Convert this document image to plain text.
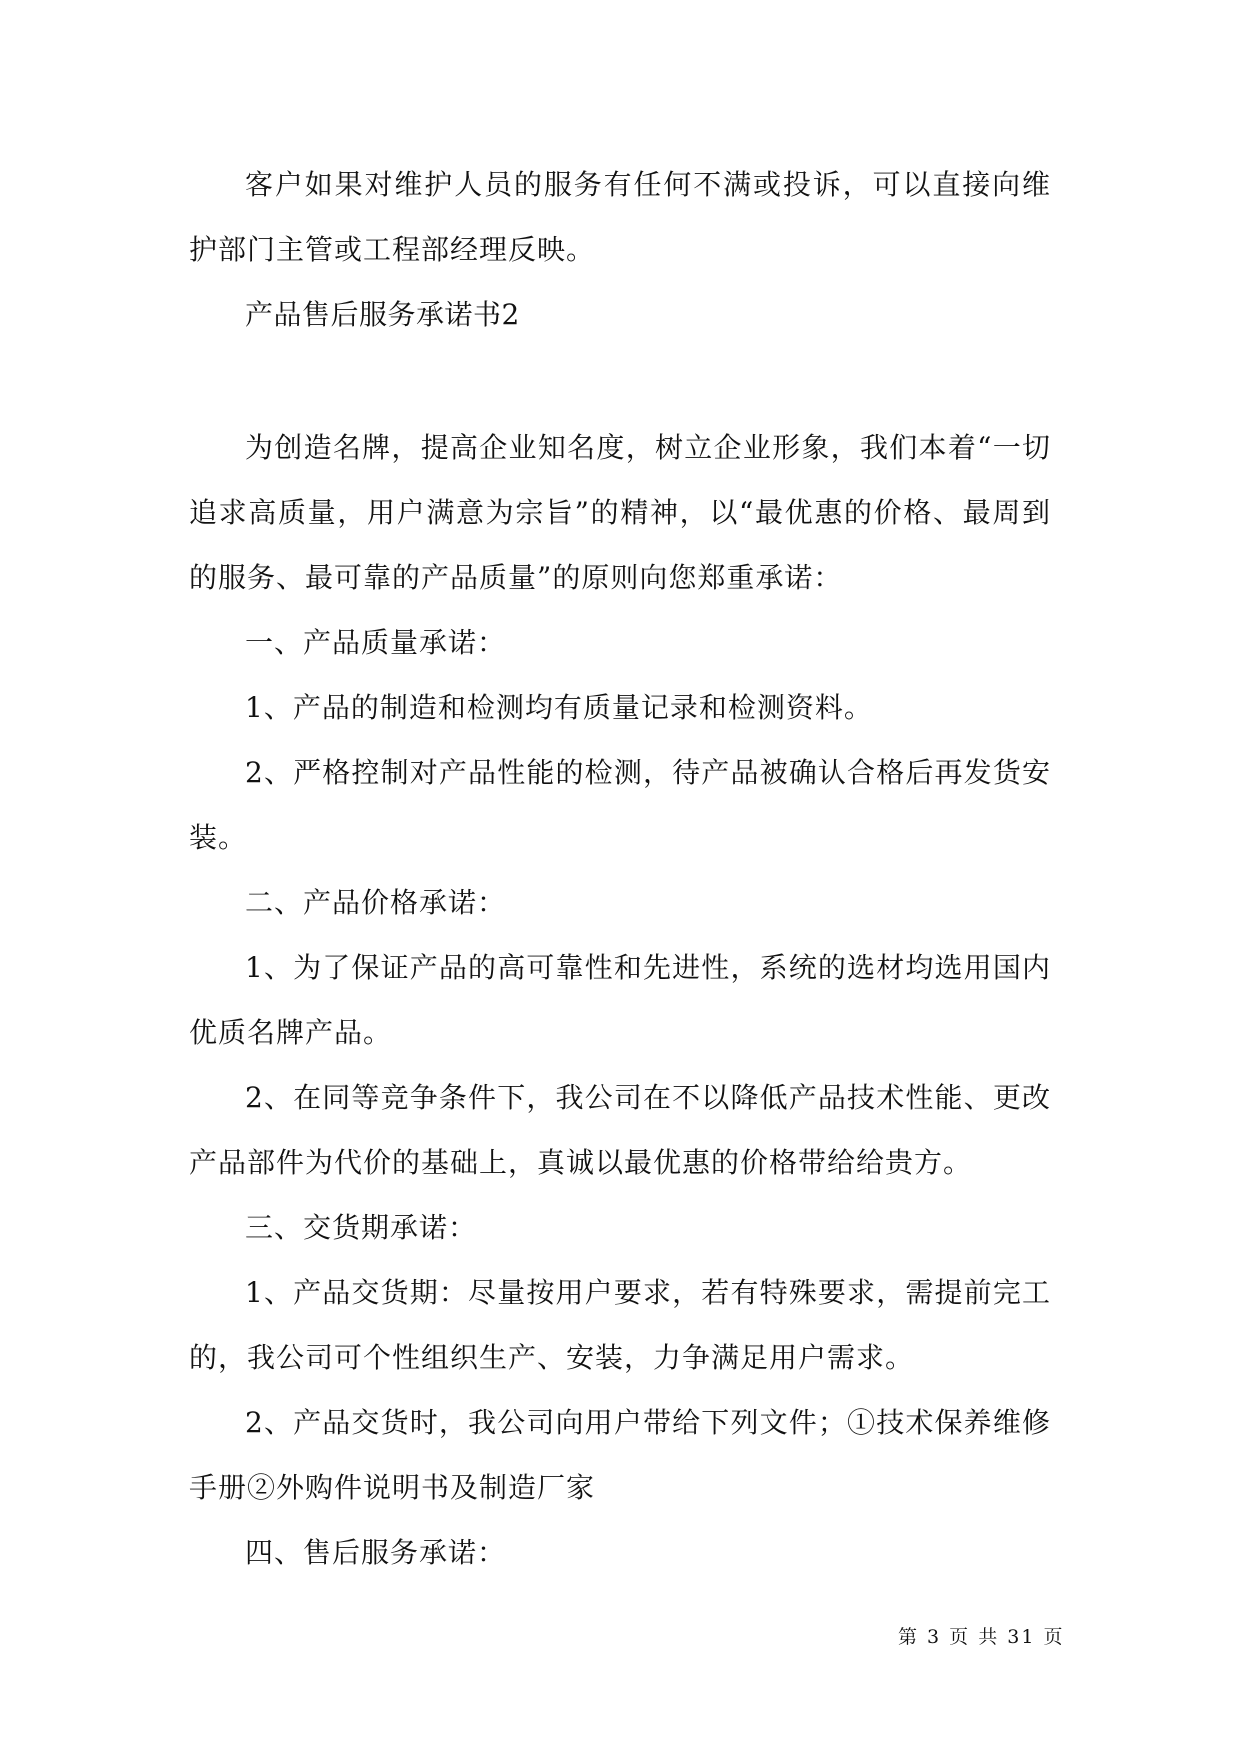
客户如果对维护人员的服务有任何不满或投诉，可以直接向维护部门主管或工程部经理反映。

产品售后服务承诺书2

为创造名牌，提高企业知名度，树立企业形象，我们本着“一切追求高质量，用户满意为宗旨”的精神，以“最优惠的价格、最周到的服务、最可靠的产品质量”的原则向您郑重承诺：

一、产品质量承诺：

1、产品的制造和检测均有质量记录和检测资料。

2、严格控制对产品性能的检测，待产品被确认合格后再发货安装。

二、产品价格承诺：

1、为了保证产品的高可靠性和先进性，系统的选材均选用国内优质名牌产品。

2、在同等竞争条件下，我公司在不以降低产品技术性能、更改产品部件为代价的基础上，真诚以最优惠的价格带给给贵方。

三、交货期承诺：

1、产品交货期：尽量按用户要求，若有特殊要求，需提前完工的，我公司可个性组织生产、安装，力争满足用户需求。

2、产品交货时，我公司向用户带给下列文件；①技术保养维修手册②外购件说明书及制造厂家

四、售后服务承诺：

第 3 页 共 31 页
